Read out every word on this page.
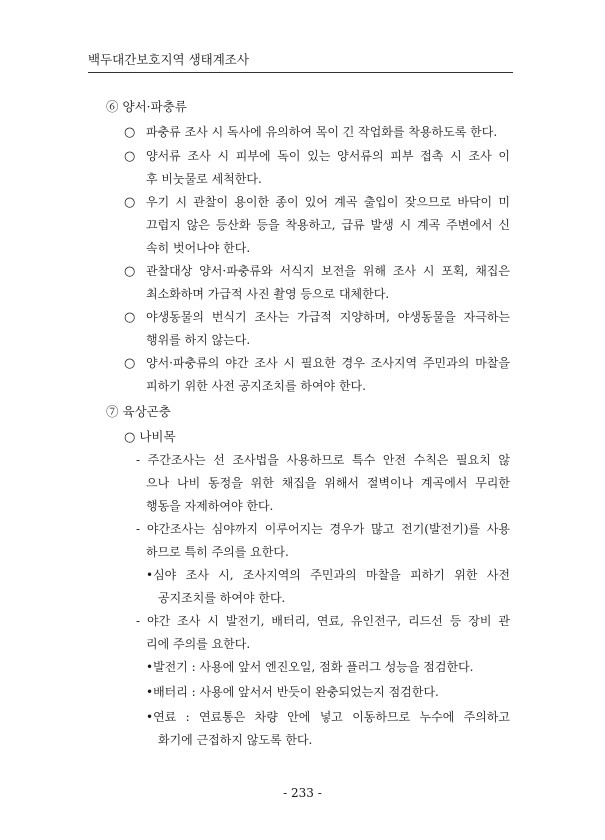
백두대간보호지역 생태계조사
⑥ 양서·파충류
○ 파충류 조사 시 독사에 유의하여 목이 긴 작업화를 착용하도록 한다.
○ 양서류 조사 시 피부에 독이 있는 양서류의 피부 접촉 시 조사 이
후 비눗물로 세척한다.
○ 우기 시 관찰이 용이한 종이 있어 계곡 출입이 잦으므로 바닥이 미
끄럽지 않은 등산화 등을 착용하고, 급류 발생 시 계곡 주변에서 신
속히 벗어나야 한다.
○ 관찰대상 양서·파충류와 서식지 보전을 위해 조사 시 포획, 채집은
최소화하며 가급적 사진 촬영 등으로 대체한다.
○ 야생동물의 번식기 조사는 가급적 지양하며, 야생동물을 자극하는
행위를 하지 않는다.
○ 양서·파충류의 야간 조사 시 필요한 경우 조사지역 주민과의 마찰을
피하기 위한 사전 공지조치를 하여야 한다.
⑦ 육상곤충
○ 나비목
- 주간조사는 선 조사법을 사용하므로 특수 안전 수칙은 필요치 않
으나 나비 동정을 위한 채집을 위해서 절벽이나 계곡에서 무리한
행동을 자제하여야 한다.
- 야간조사는 심야까지 이루어지는 경우가 많고 전기(발전기)를 사용
하므로 특히 주의를 요한다.
•심야 조사 시, 조사지역의 주민과의 마찰을 피하기 위한 사전
공지조치를 하여야 한다.
- 야간 조사 시 발전기, 배터리, 연료, 유인전구, 리드선 등 장비 관
리에 주의를 요한다.
•발전기 : 사용에 앞서 엔진오일, 점화 플러그 성능을 점검한다.
•배터리 : 사용에 앞서서 반듯이 완충되었는지 점검한다.
•연료 : 연료통은 차량 안에 넣고 이동하므로 누수에 주의하고
화기에 근접하지 않도록 한다.
- 233 -
